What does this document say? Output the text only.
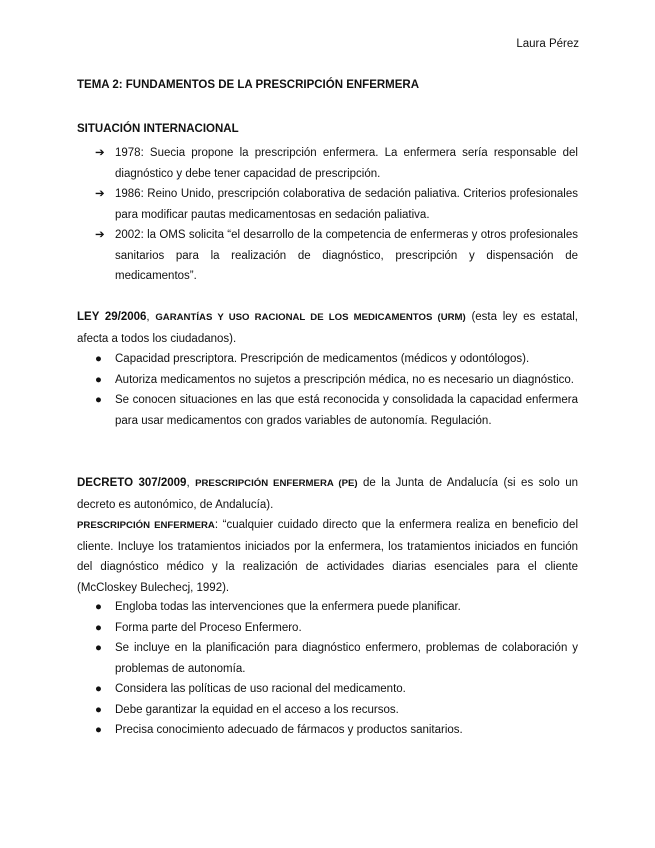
Laura Pérez
TEMA 2: FUNDAMENTOS DE LA PRESCRIPCIÓN ENFERMERA
SITUACIÓN INTERNACIONAL
➔ 1978: Suecia propone la prescripción enfermera. La enfermera sería responsable del diagnóstico y debe tener capacidad de prescripción.
➔ 1986: Reino Unido, prescripción colaborativa de sedación paliativa. Criterios profesionales para modificar pautas medicamentosas en sedación paliativa.
➔ 2002: la OMS solicita “el desarrollo de la competencia de enfermeras y otros profesionales sanitarios para la realización de diagnóstico, prescripción y dispensación de medicamentos”.
LEY 29/2006, GARANTÍAS Y USO RACIONAL DE LOS MEDICAMENTOS (URM) (esta ley es estatal, afecta a todos los ciudadanos).
● Capacidad prescriptora. Prescripción de medicamentos (médicos y odontólogos).
● Autoriza medicamentos no sujetos a prescripción médica, no es necesario un diagnóstico.
● Se conocen situaciones en las que está reconocida y consolidada la capacidad enfermera para usar medicamentos con grados variables de autonomía. Regulación.
DECRETO 307/2009, PRESCRIPCIÓN ENFERMERA (PE) de la Junta de Andalucía (si es solo un decreto es autonómico, de Andalucía).
PRESCRIPCIÓN ENFERMERA: “cualquier cuidado directo que la enfermera realiza en beneficio del cliente. Incluye los tratamientos iniciados por la enfermera, los tratamientos iniciados en función del diagnóstico médico y la realización de actividades diarias esenciales para el cliente (McCloskey Bulechecj, 1992).
● Engloba todas las intervenciones que la enfermera puede planificar.
● Forma parte del Proceso Enfermero.
● Se incluye en la planificación para diagnóstico enfermero, problemas de colaboración y problemas de autonomía.
● Considera las políticas de uso racional del medicamento.
● Debe garantizar la equidad en el acceso a los recursos.
● Precisa conocimiento adecuado de fármacos y productos sanitarios.
